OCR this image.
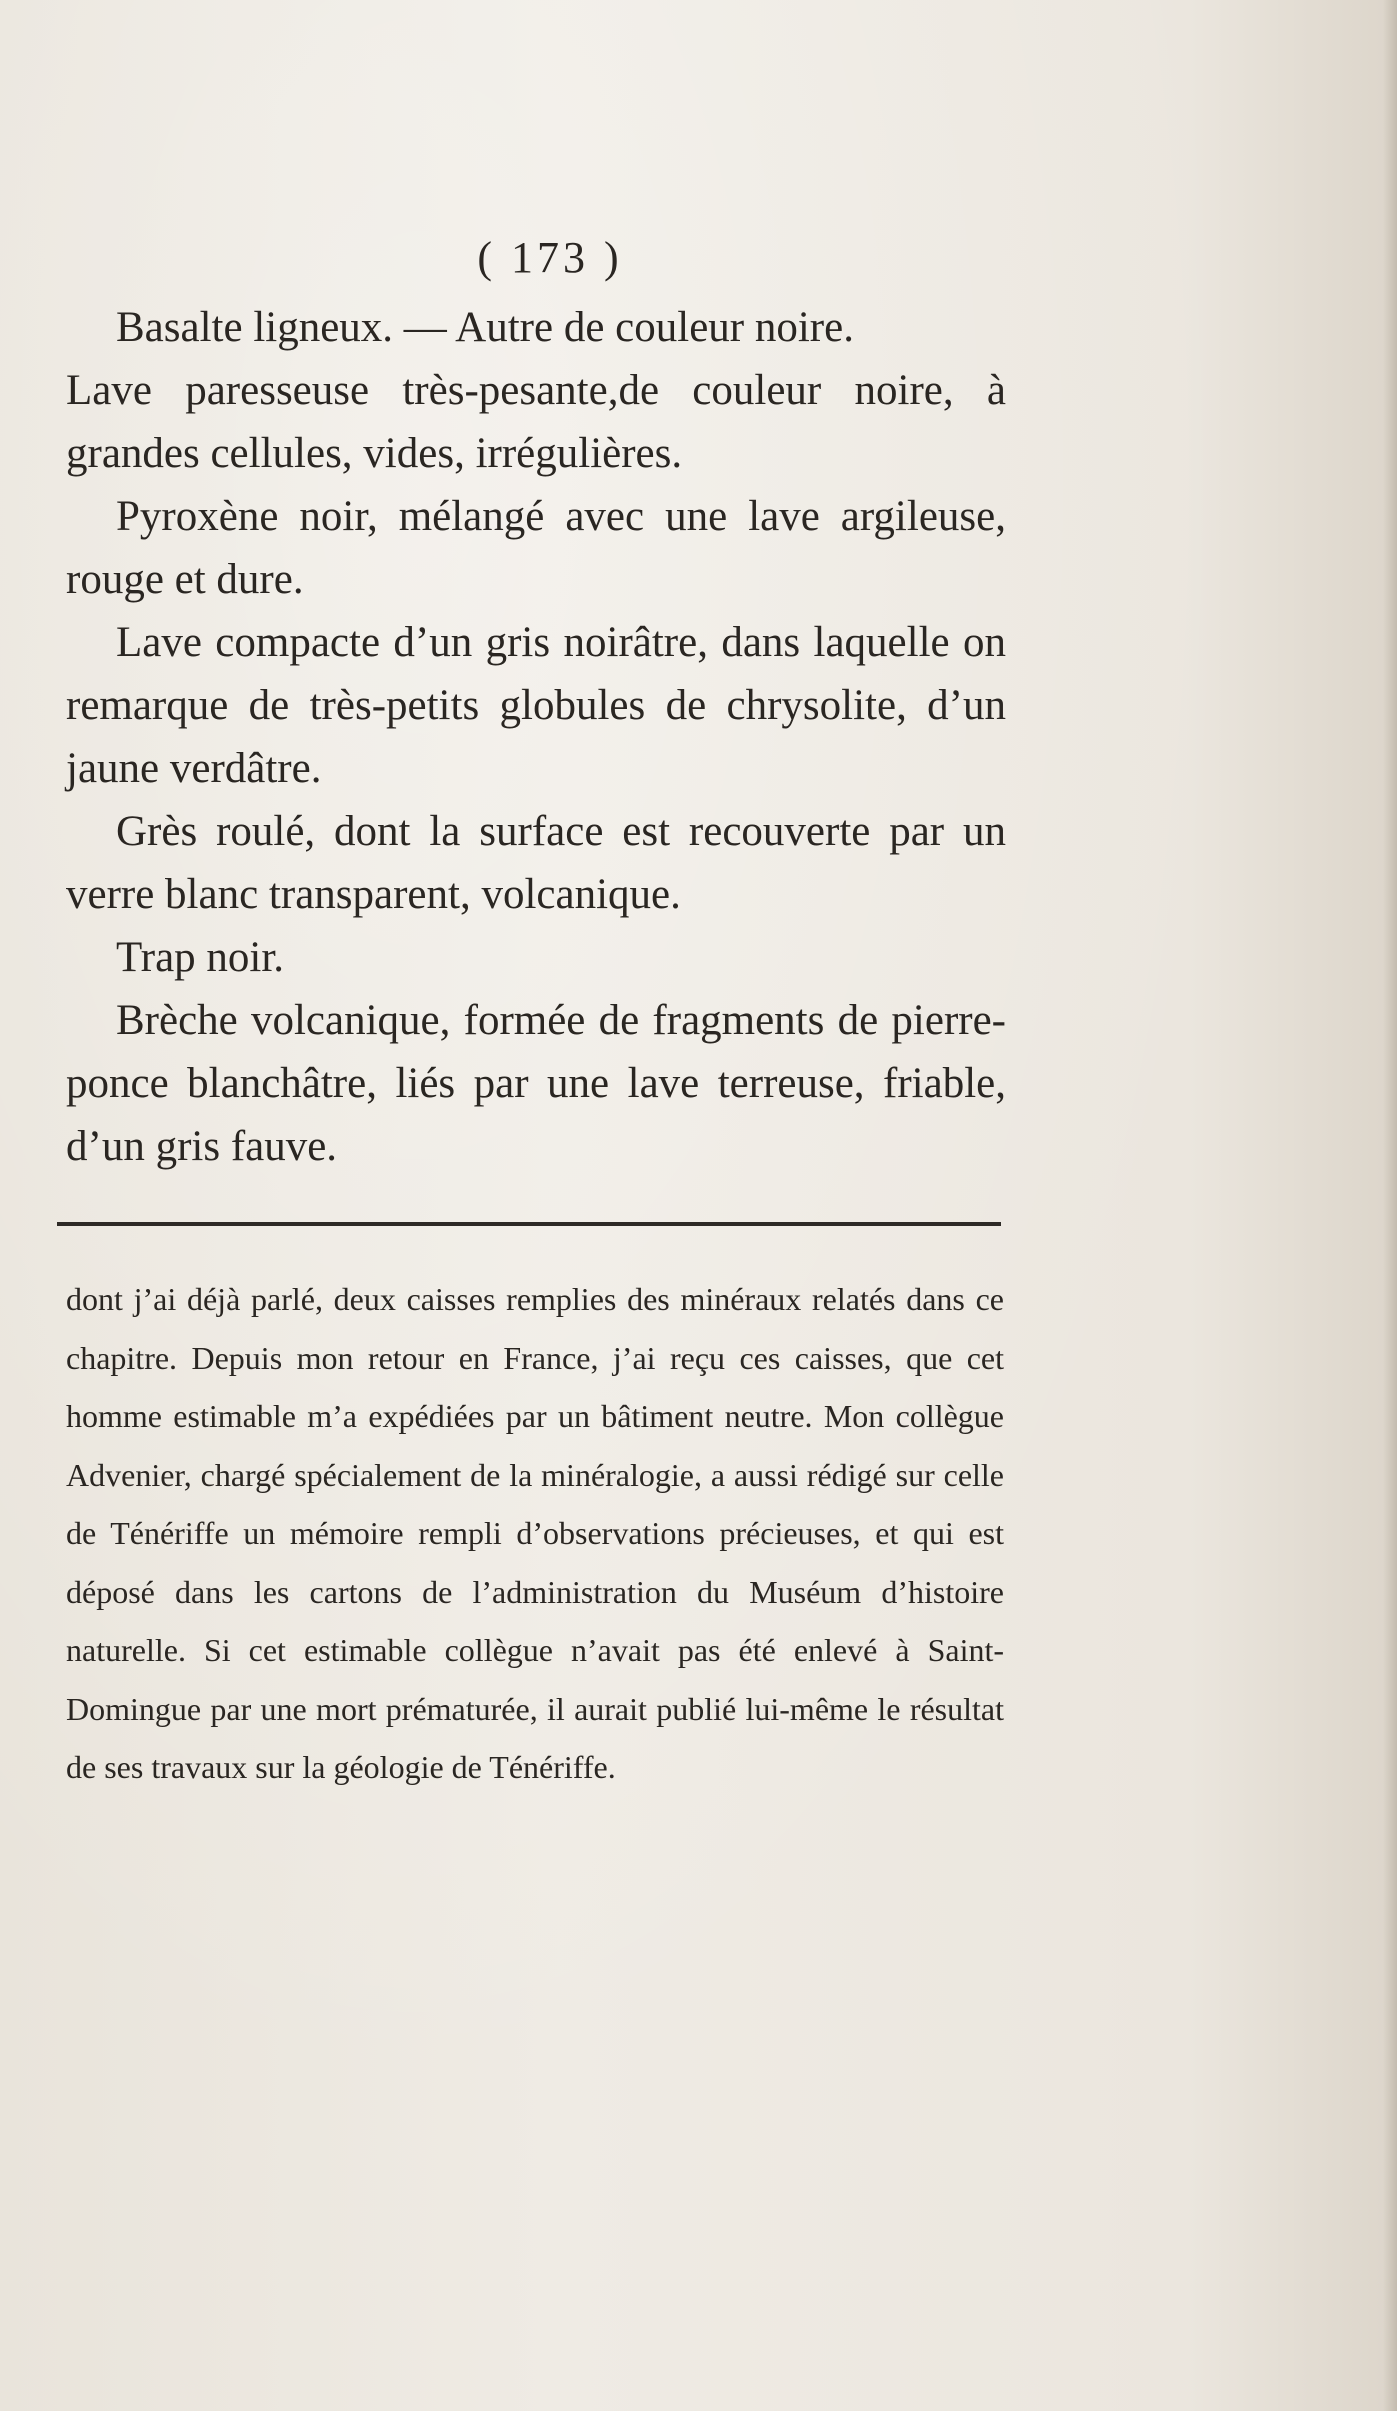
( 173 )

Basalte ligneux. — Autre de couleur noire.

Lave paresseuse très-pesante,de couleur noire, à grandes cellules, vides, irrégulières.

Pyroxène noir, mélangé avec une lave argileuse, rouge et dure.

Lave compacte d’un gris noirâtre, dans laquelle on remarque de très-petits globules de chrysolite, d’un jaune verdâtre.

Grès roulé, dont la surface est recouverte par un verre blanc transparent, volcanique.

Trap noir.

Brèche volcanique, formée de fragments de pierre-ponce blanchâtre, liés par une lave terreuse, friable, d’un gris fauve.

dont j’ai déjà parlé, deux caisses remplies des minéraux relatés dans ce chapitre. Depuis mon retour en France, j’ai reçu ces caisses, que cet homme estimable m’a expédiées par un bâtiment neutre. Mon collègue Advenier, chargé spécialement de la minéralogie, a aussi rédigé sur celle de Ténériffe un mémoire rempli d’observations précieuses, et qui est déposé dans les cartons de l’administration du Muséum d’histoire naturelle. Si cet estimable collègue n’avait pas été enlevé à Saint-Domingue par une mort prématurée, il aurait publié lui-même le résultat de ses travaux sur la géologie de Ténériffe.
